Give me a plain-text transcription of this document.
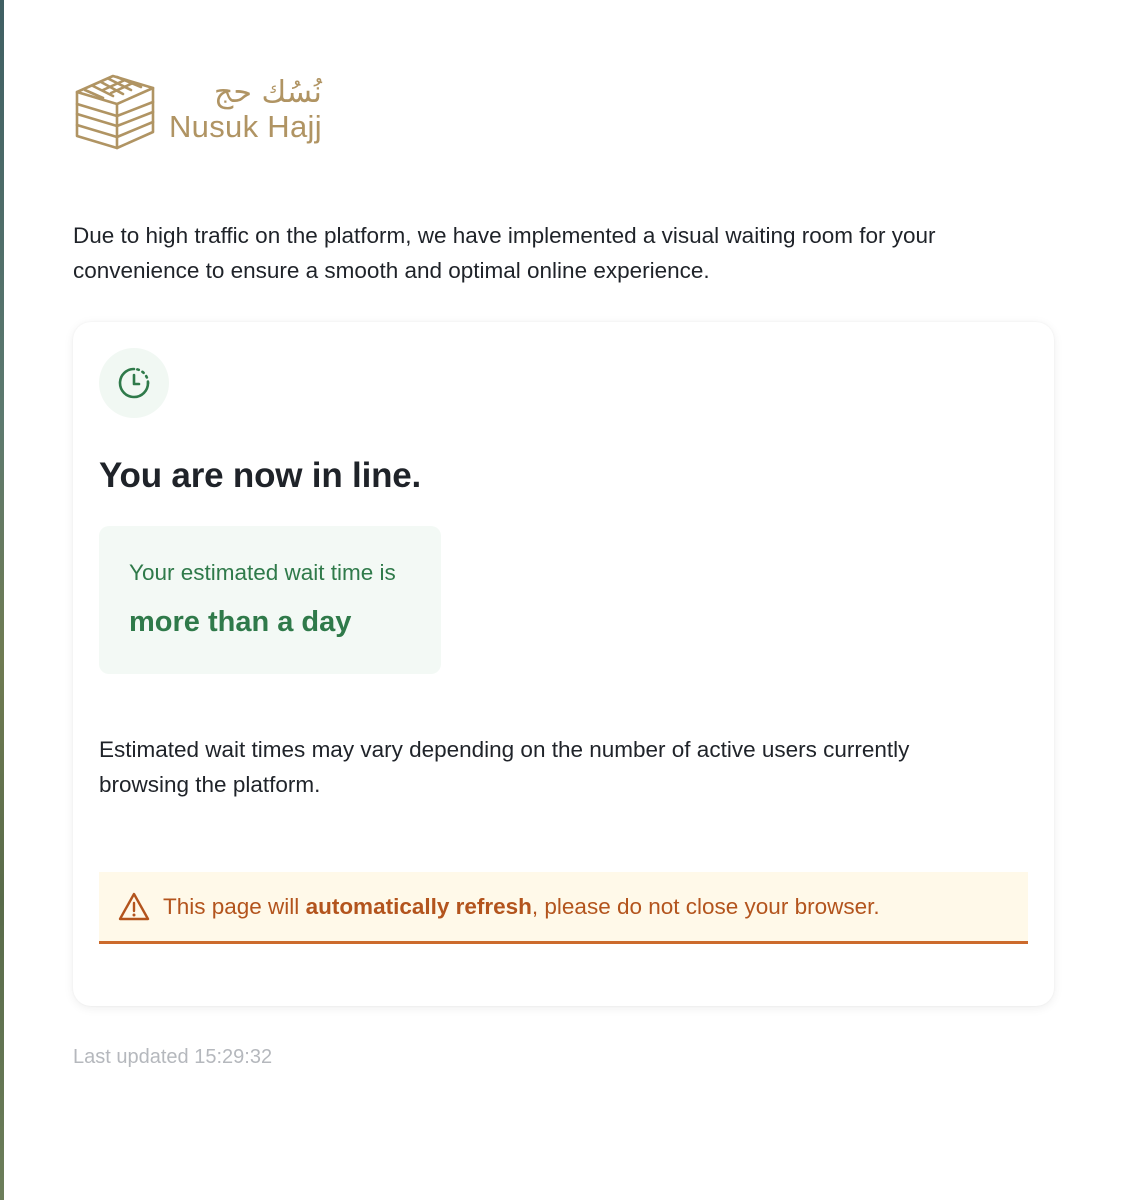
نُسُك حج
Nusuk Hajj

Due to high traffic on the platform, we have implemented a visual waiting room for your convenience to ensure a smooth and optimal online experience.

You are now in line.
Your estimated wait time is
more than a day

Estimated wait times may vary depending on the number of active users currently browsing the platform.

This page will automatically refresh, please do not close your browser.
Last updated 15:29:32
